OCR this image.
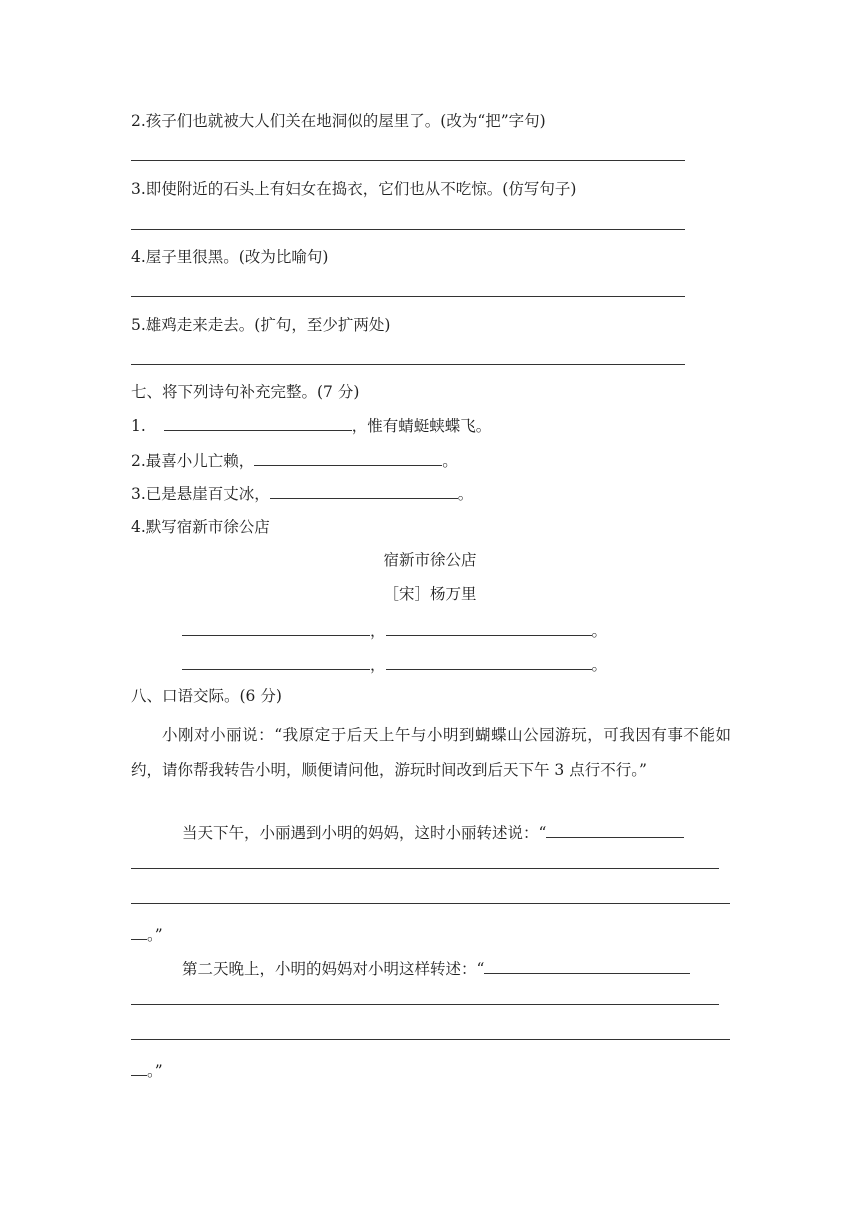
2.孩子们也就被大人们关在地洞似的屋里了。(改为“把”字句)
3.即使附近的石头上有妇女在捣衣，它们也从不吃惊。(仿写句子)
4.屋子里很黑。(改为比喻句)
5.雄鸡走来走去。(扩句，至少扩两处)
七、将下列诗句补充完整。(7 分)
1.	，惟有蜻蜓蛱蝶飞。
2.最喜小儿亡赖，	。
3.已是悬崖百丈冰，	。
4.默写宿新市徐公店
宿新市徐公店
［宋］杨万里
，	。
，	。
八、口语交际。(6 分)
小刚对小丽说：“我原定于后天上午与小明到蝴蝶山公园游玩，可我因有事不能如约，请你帮我转告小明，顺便请问他，游玩时间改到后天下午 3 点行不行。”
当天下午，小丽遇到小明的妈妈，这时小丽转述说：“
。”
第二天晚上，小明的妈妈对小明这样转述：“
。”
